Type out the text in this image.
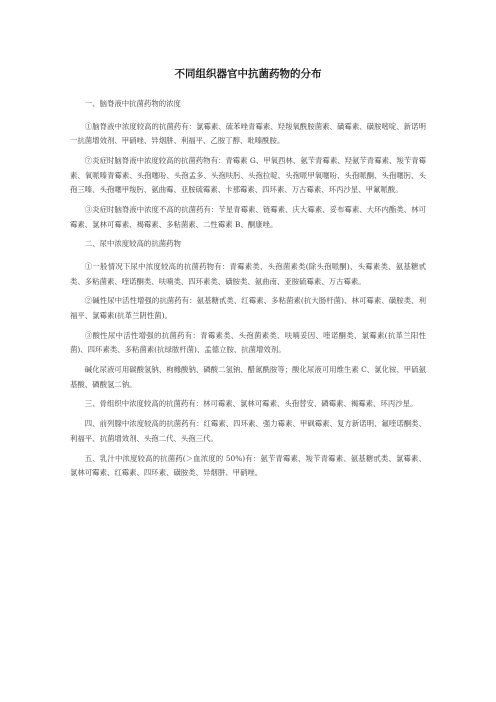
不同组织器官中抗菌药物的分布

一、脑脊液中抗菌药物的浓度

①脑脊液中浓度较高的抗菌药有：氯霉素、硫苯唑青霉素、羟羧氧酰胺菌素、磺霉素、磺胺嘧啶、新诺明一抗菌增效剂、甲硝唑、异烟肼、利福平、乙胺丁醇、吡嗪酰胺。

⑦炎症时脑脊液中浓度较高的抗菌药物有：青霉素 G、甲氧西林、氨苄青霉素、羟氨苄青霉素、羧苄青霉素、氧哌嗪青霉素、头孢噻吩、头孢孟多、头孢呋肟、头孢拉啶、头孢哌甲氧噻吩、头孢哌酮、头孢噻肟、头孢三嗪、头孢噻甲羧肟、氨曲霉、亚胺硫霉素、卡那霉素、四环素、万古霉素、环丙沙星、甲氟哌酸。

③炎症时脑脊液中浓度不高的抗菌药有：苄星青霉素、链霉素、庆大霉素、妥布霉素、大环内酯类、林可霉素、氯林可霉素、褐霉素、多粘菌素、二性霉素 B、酮康唑。

二、尿中浓度较高的抗菌药物

①一般情况下尿中浓度较高的抗菌药物有：青霉素类、头孢菌素类(除头孢哌酮)、头霉素类、氨基糖甙类、多粘菌素、喹诺酮类、呋喃类、四环素类、磺胺类、氨曲南、亚胺硫霉素、万古霉素。

②碱性尿中活性增强的抗菌药有：氨基糖甙类、红霉素、多粘菌素(抗大肠杆菌)、林可霉素、磺胺类、利福平、氯霉素(抗革兰阴性菌)。

③酸性尿中活性增强的抗菌药有：青霉素类、头孢菌素类、呋喃妥因、喹诺酮类、氯霉素(抗革兰阳性菌)、四环素类、多粘菌素(抗绿脓杆菌)、孟德立胺、抗菌增效剂。

碱化尿液可用碳酸氢钠、枸橼酸钠、磷酸二氢钠、醋氮酰胺等；酸化尿液可用维生素 C、氯化铵、甲硫氨基酸、磷酸氢二钠。

三、骨组织中浓度较高的抗菌药有：林可霉素、氯林可霉素、头孢替安、磷霉素、褐霉素、环丙沙星。

四、前列腺中浓度较高的抗菌药有：红霉素、四环素、强力霉素、甲砜霉素、复方新诺明、氟喹诺酮类、利福平、抗菌增效剂、头孢二代、头孢三代。

五、乳汁中浓度较高的抗菌药(＞血浓度的 50%)有：氨苄青霉素、羧苄青霉素、氨基糖甙类、氯霉素、氯林可霉素、红霉素、四环素、磺胺类、异烟肼、甲硝唑。
